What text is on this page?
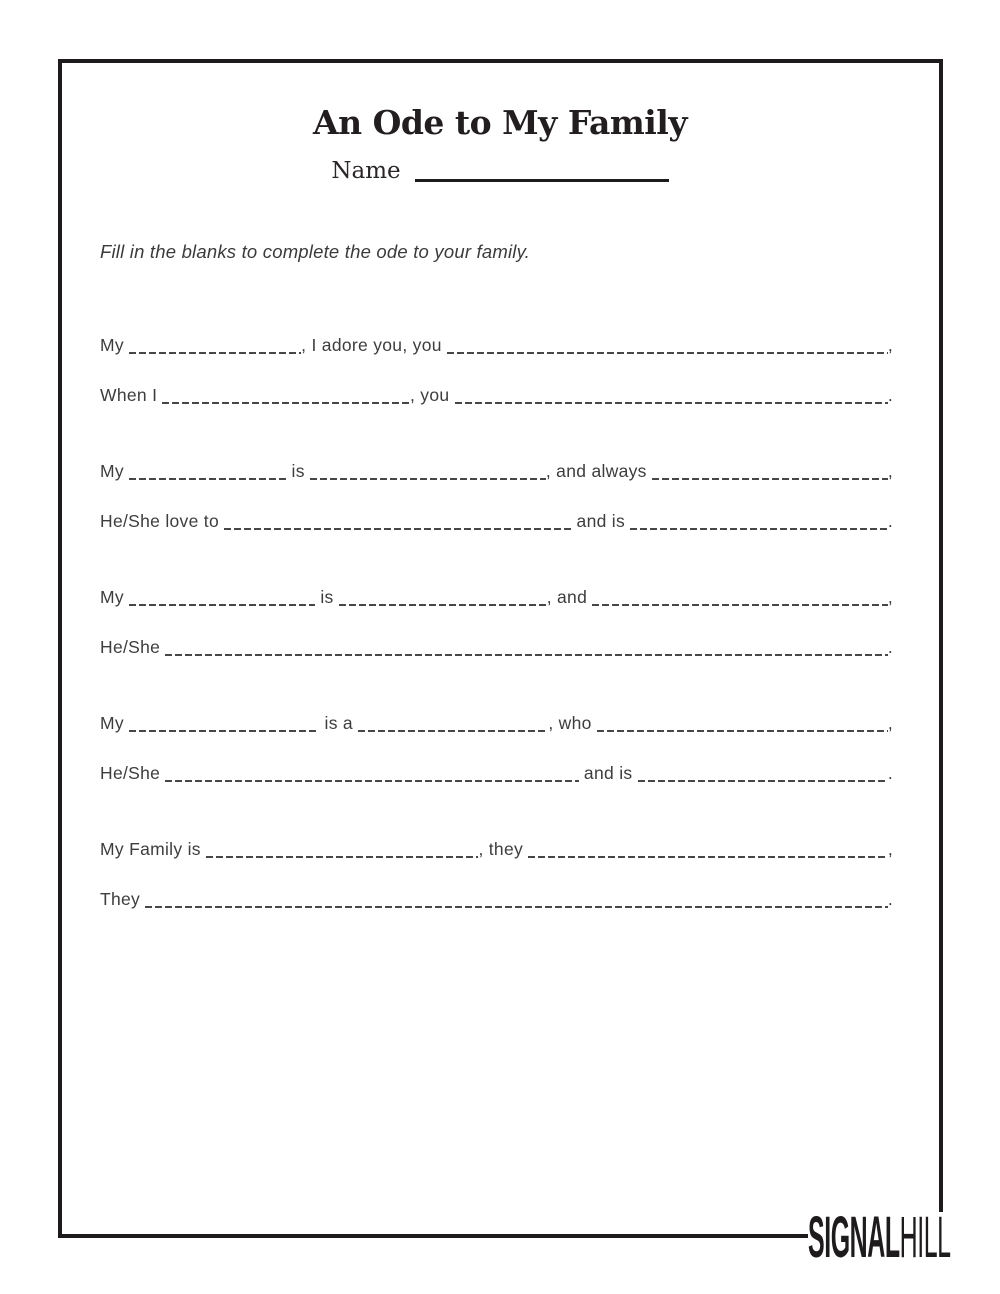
An Ode to My Family
Name
Fill in the blanks to complete the ode to your family.
My	, I adore you, you	,
When I	, you	.
My	is	, and always	,
He/She love to	and is	.
My	is	, and	,
He/She	.
My	is a	, who	,
He/She	and is	.
My Family is	, they	,
They	.
SIGNALHILL
